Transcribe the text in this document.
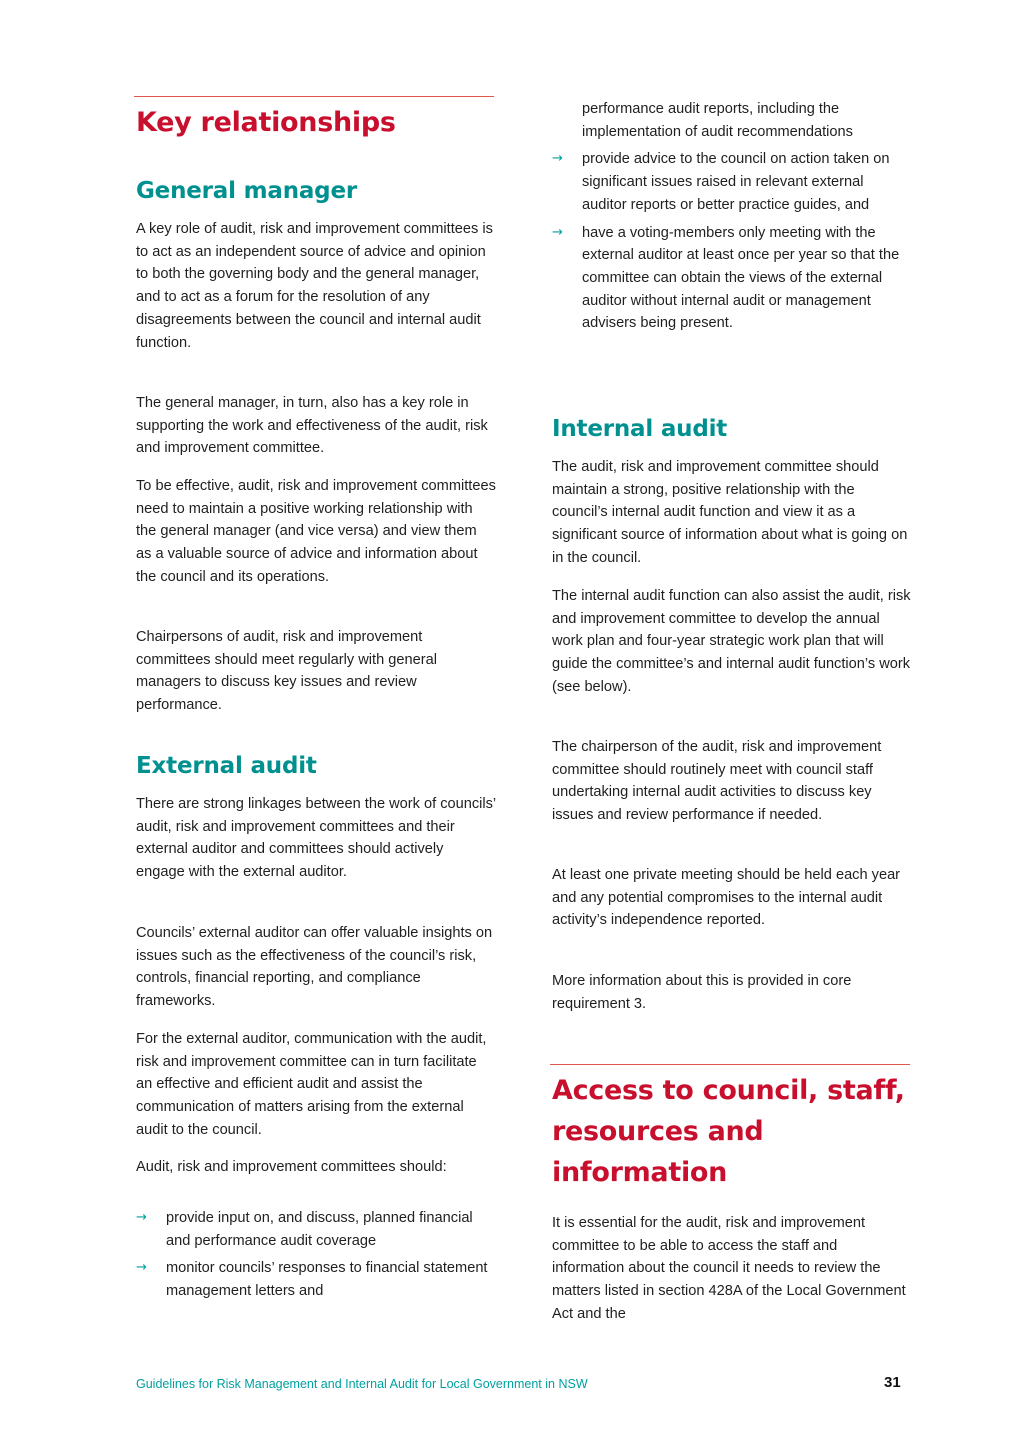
Key relationships
General manager

A key role of audit, risk and improvement committees is to act as an independent source of advice and opinion to both the governing body and the general manager, and to act as a forum for the resolution of any disagreements between the council and internal audit function.

The general manager, in turn, also has a key role in supporting the work and effectiveness of the audit, risk and improvement committee.

To be effective, audit, risk and improvement committees need to maintain a positive working relationship with the general manager (and vice versa) and view them as a valuable source of advice and information about the council and its operations.

Chairpersons of audit, risk and improvement committees should meet regularly with general managers to discuss key issues and review performance.

External audit

There are strong linkages between the work of councils’ audit, risk and improvement committees and their external auditor and committees should actively engage with the external auditor.

Councils’ external auditor can offer valuable insights on issues such as the effectiveness of the council’s risk, controls, financial reporting, and compliance frameworks.

For the external auditor, communication with the audit, risk and improvement committee can in turn facilitate an effective and efficient audit and assist the communication of matters arising from the external audit to the council.

Audit, risk and improvement committees should:

→ provide input on, and discuss, planned financial and performance audit coverage
→ monitor councils’ responses to financial statement management letters and
performance audit reports, including the implementation of audit recommendations
→ provide advice to the council on action taken on significant issues raised in relevant external auditor reports or better practice guides, and
→ have a voting-members only meeting with the external auditor at least once per year so that the committee can obtain the views of the external auditor without internal audit or management advisers being present.
Internal audit

The audit, risk and improvement committee should maintain a strong, positive relationship with the council’s internal audit function and view it as a significant source of information about what is going on in the council.

The internal audit function can also assist the audit, risk and improvement committee to develop the annual work plan and four-year strategic work plan that will guide the committee’s and internal audit function’s work (see below).

The chairperson of the audit, risk and improvement committee should routinely meet with council staff undertaking internal audit activities to discuss key issues and review performance if needed.

At least one private meeting should be held each year and any potential compromises to the internal audit activity’s independence reported.

More information about this is provided in core requirement 3.

Access to council, staff,
resources and
information

It is essential for the audit, risk and improvement committee to be able to access the staff and information about the council it needs to review the matters listed in section 428A of the Local Government Act and the

Guidelines for Risk Management and Internal Audit for Local Government in NSW	31
